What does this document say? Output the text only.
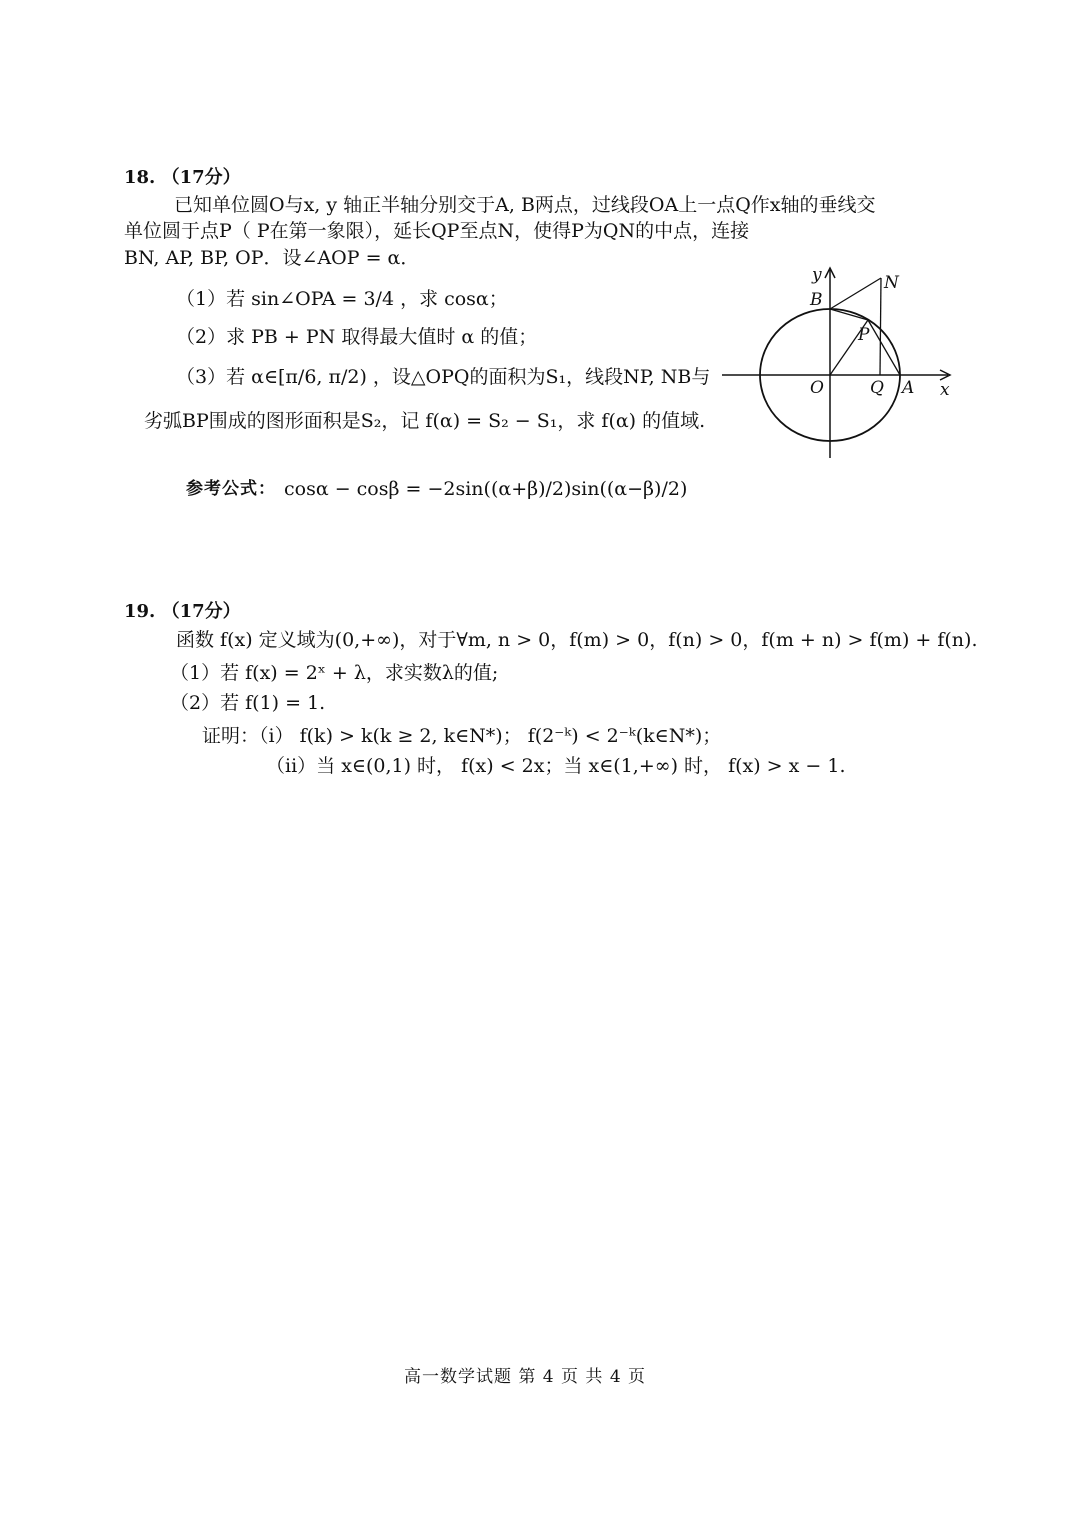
18. （17分）
已知单位圆O与x, y 轴正半轴分别交于A, B两点，过线段OA上一点Q作x轴的垂线交
单位圆于点P（ P在第一象限），延长QP至点N，使得P为QN的中点，连接
BN, AP, BP, OP．设∠AOP = α．
（1）若 sin∠OPA = 3/4 ，求 cosα；
（2）求 PB + PN 取得最大值时 α 的值；
（3）若 α∈[π/6, π/2) ，设△OPQ的面积为S₁，线段NP, NB与
劣弧BP围成的图形面积是S₂，记 f(α) = S₂ − S₁，求 f(α) 的值域.
参考公式： cosα − cosβ = −2sin((α+β)/2)sin((α−β)/2)
y
B
N
P
O	Q A x
19. （17分）
函数 f(x) 定义域为(0,+∞)，对于∀m, n > 0，f(m) > 0，f(n) > 0，f(m + n) > f(m) + f(n).
（1）若 f(x) = 2ˣ + λ，求实数λ的值;
（2）若 f(1) = 1.
证明：（i） f(k) > k(k ≥ 2, k∈N*)； f(2⁻ᵏ) < 2⁻ᵏ(k∈N*)；
（ii）当 x∈(0,1) 时， f(x) < 2x；当 x∈(1,+∞) 时， f(x) > x − 1.
高一数学试题 第 4 页 共 4 页
